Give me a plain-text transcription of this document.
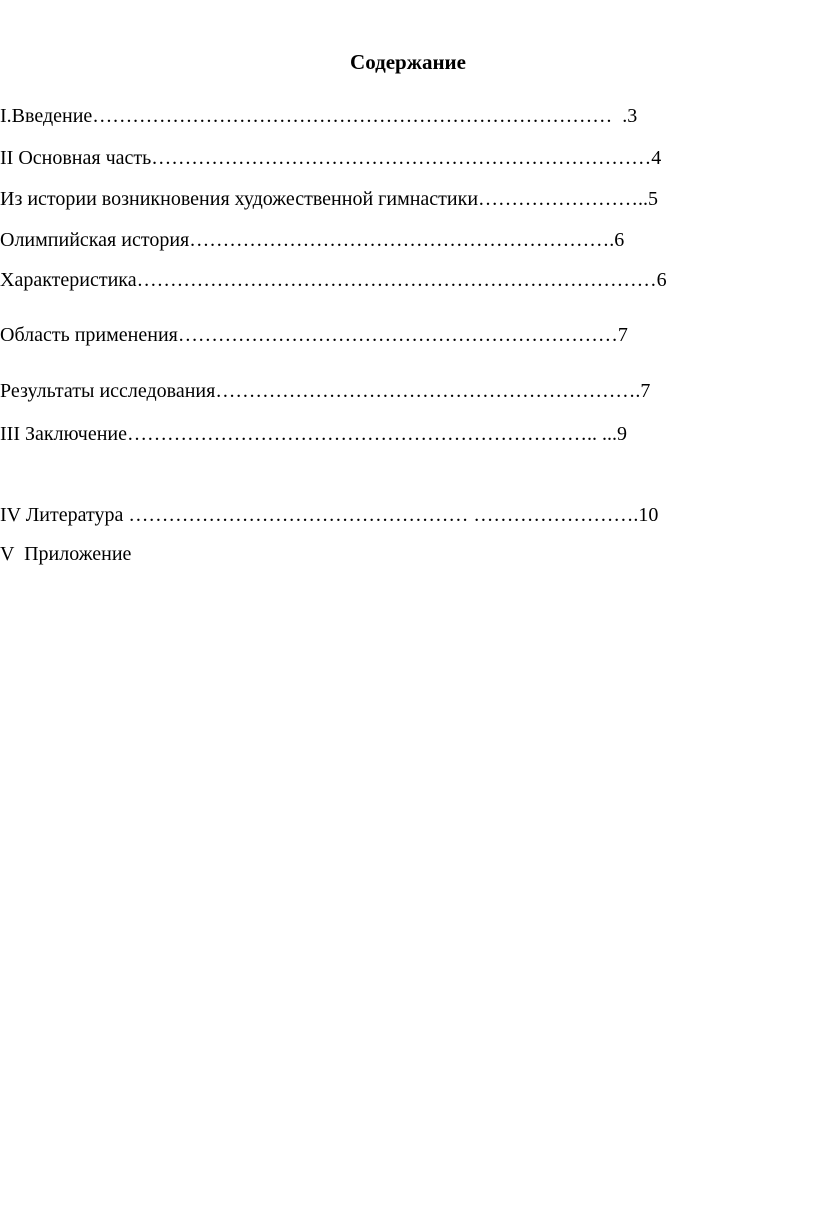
Содержание
I.Введение……………………………………………………………………  .3
II Основная часть…………………………………………………………………4
Из истории возникновения художественной гимнастики……………………..5
Олимпийская история……………………………………………………….6
Характеристика……………………………………………………………………6
Область применения…………………………………………………………7
Результаты исследования……………………………………………………….7
III Заключение…………………………………………………………….. ...9
IV Литература …………………………………………… …………………….10
V  Приложение
